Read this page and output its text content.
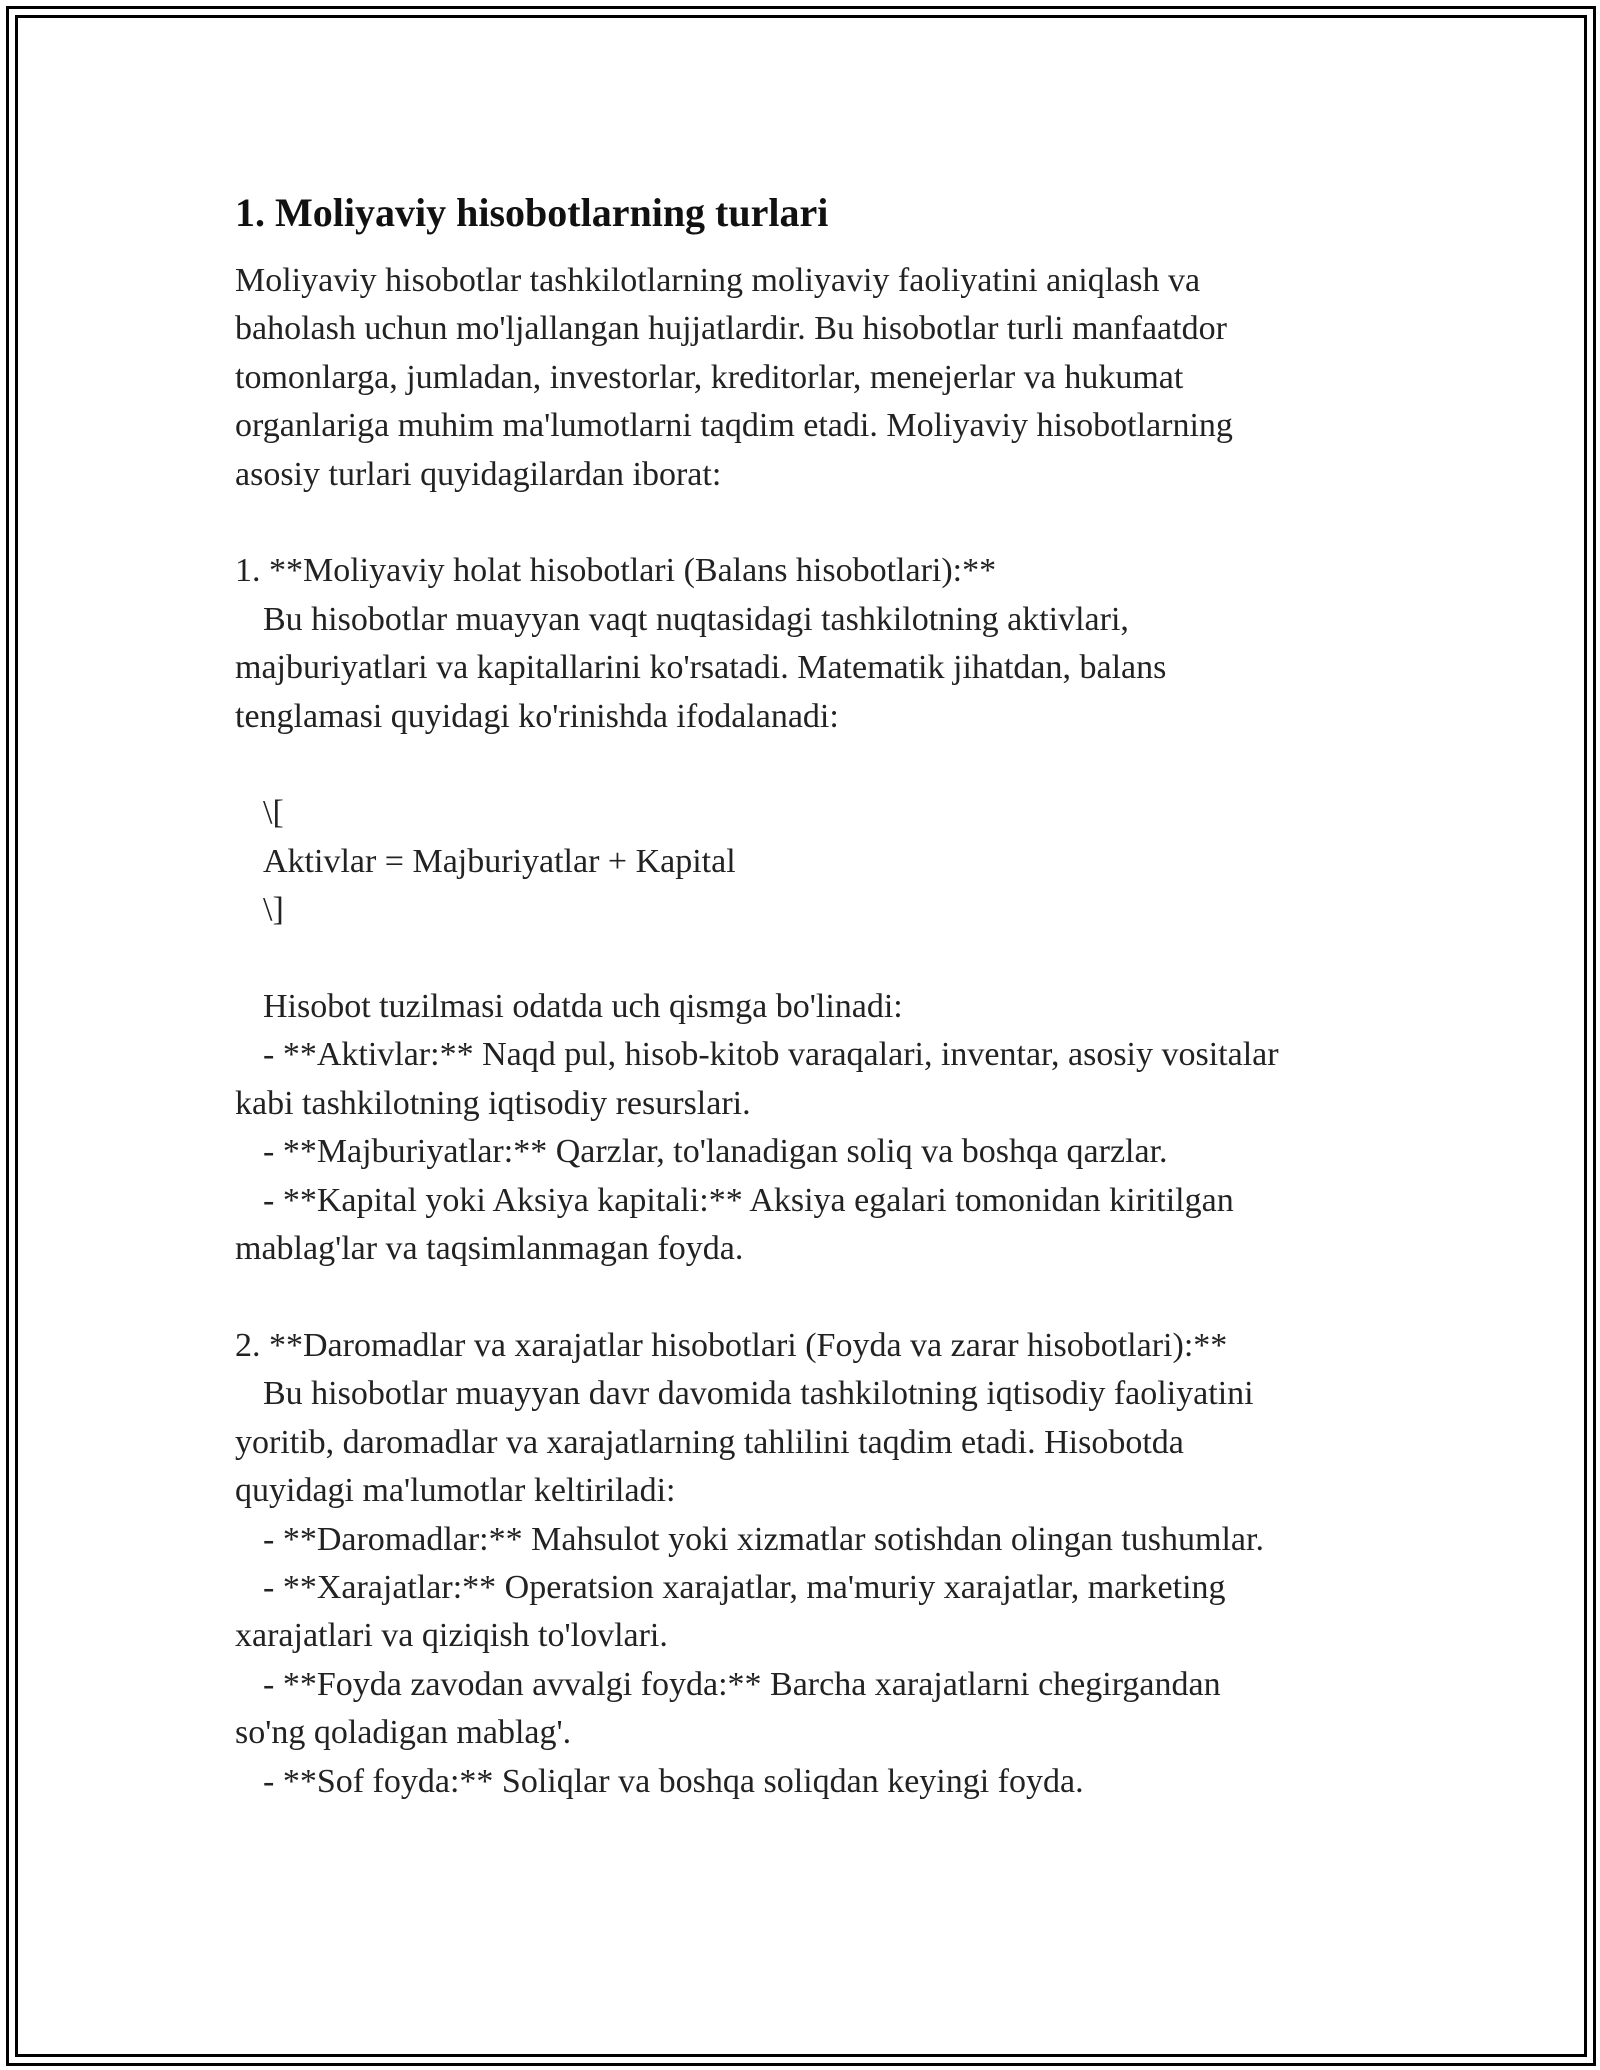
1. Moliyaviy hisobotlarning turlari
Moliyaviy hisobotlar tashkilotlarning moliyaviy faoliyatini aniqlash va
baholash uchun mo'ljallangan hujjatlardir. Bu hisobotlar turli manfaatdor
tomonlarga, jumladan, investorlar, kreditorlar, menejerlar va hukumat
organlariga muhim ma'lumotlarni taqdim etadi. Moliyaviy hisobotlarning
asosiy turlari quyidagilardan iborat:
1. **Moliyaviy holat hisobotlari (Balans hisobotlari):**
Bu hisobotlar muayyan vaqt nuqtasidagi tashkilotning aktivlari,
majburiyatlari va kapitallarini ko'rsatadi. Matematik jihatdan, balans
tenglamasi quyidagi ko'rinishda ifodalanadi:
\[
Aktivlar = Majburiyatlar + Kapital
\]
Hisobot tuzilmasi odatda uch qismga bo'linadi:
- **Aktivlar:** Naqd pul, hisob-kitob varaqalari, inventar, asosiy vositalar
kabi tashkilotning iqtisodiy resurslari.
- **Majburiyatlar:** Qarzlar, to'lanadigan soliq va boshqa qarzlar.
- **Kapital yoki Aksiya kapitali:** Aksiya egalari tomonidan kiritilgan
mablag'lar va taqsimlanmagan foyda.
2. **Daromadlar va xarajatlar hisobotlari (Foyda va zarar hisobotlari):**
Bu hisobotlar muayyan davr davomida tashkilotning iqtisodiy faoliyatini
yoritib, daromadlar va xarajatlarning tahlilini taqdim etadi. Hisobotda
quyidagi ma'lumotlar keltiriladi:
- **Daromadlar:** Mahsulot yoki xizmatlar sotishdan olingan tushumlar.
- **Xarajatlar:** Operatsion xarajatlar, ma'muriy xarajatlar, marketing
xarajatlari va qiziqish to'lovlari.
- **Foyda zavodan avvalgi foyda:** Barcha xarajatlarni chegirgandan
so'ng qoladigan mablag'.
- **Sof foyda:** Soliqlar va boshqa soliqdan keyingi foyda.
